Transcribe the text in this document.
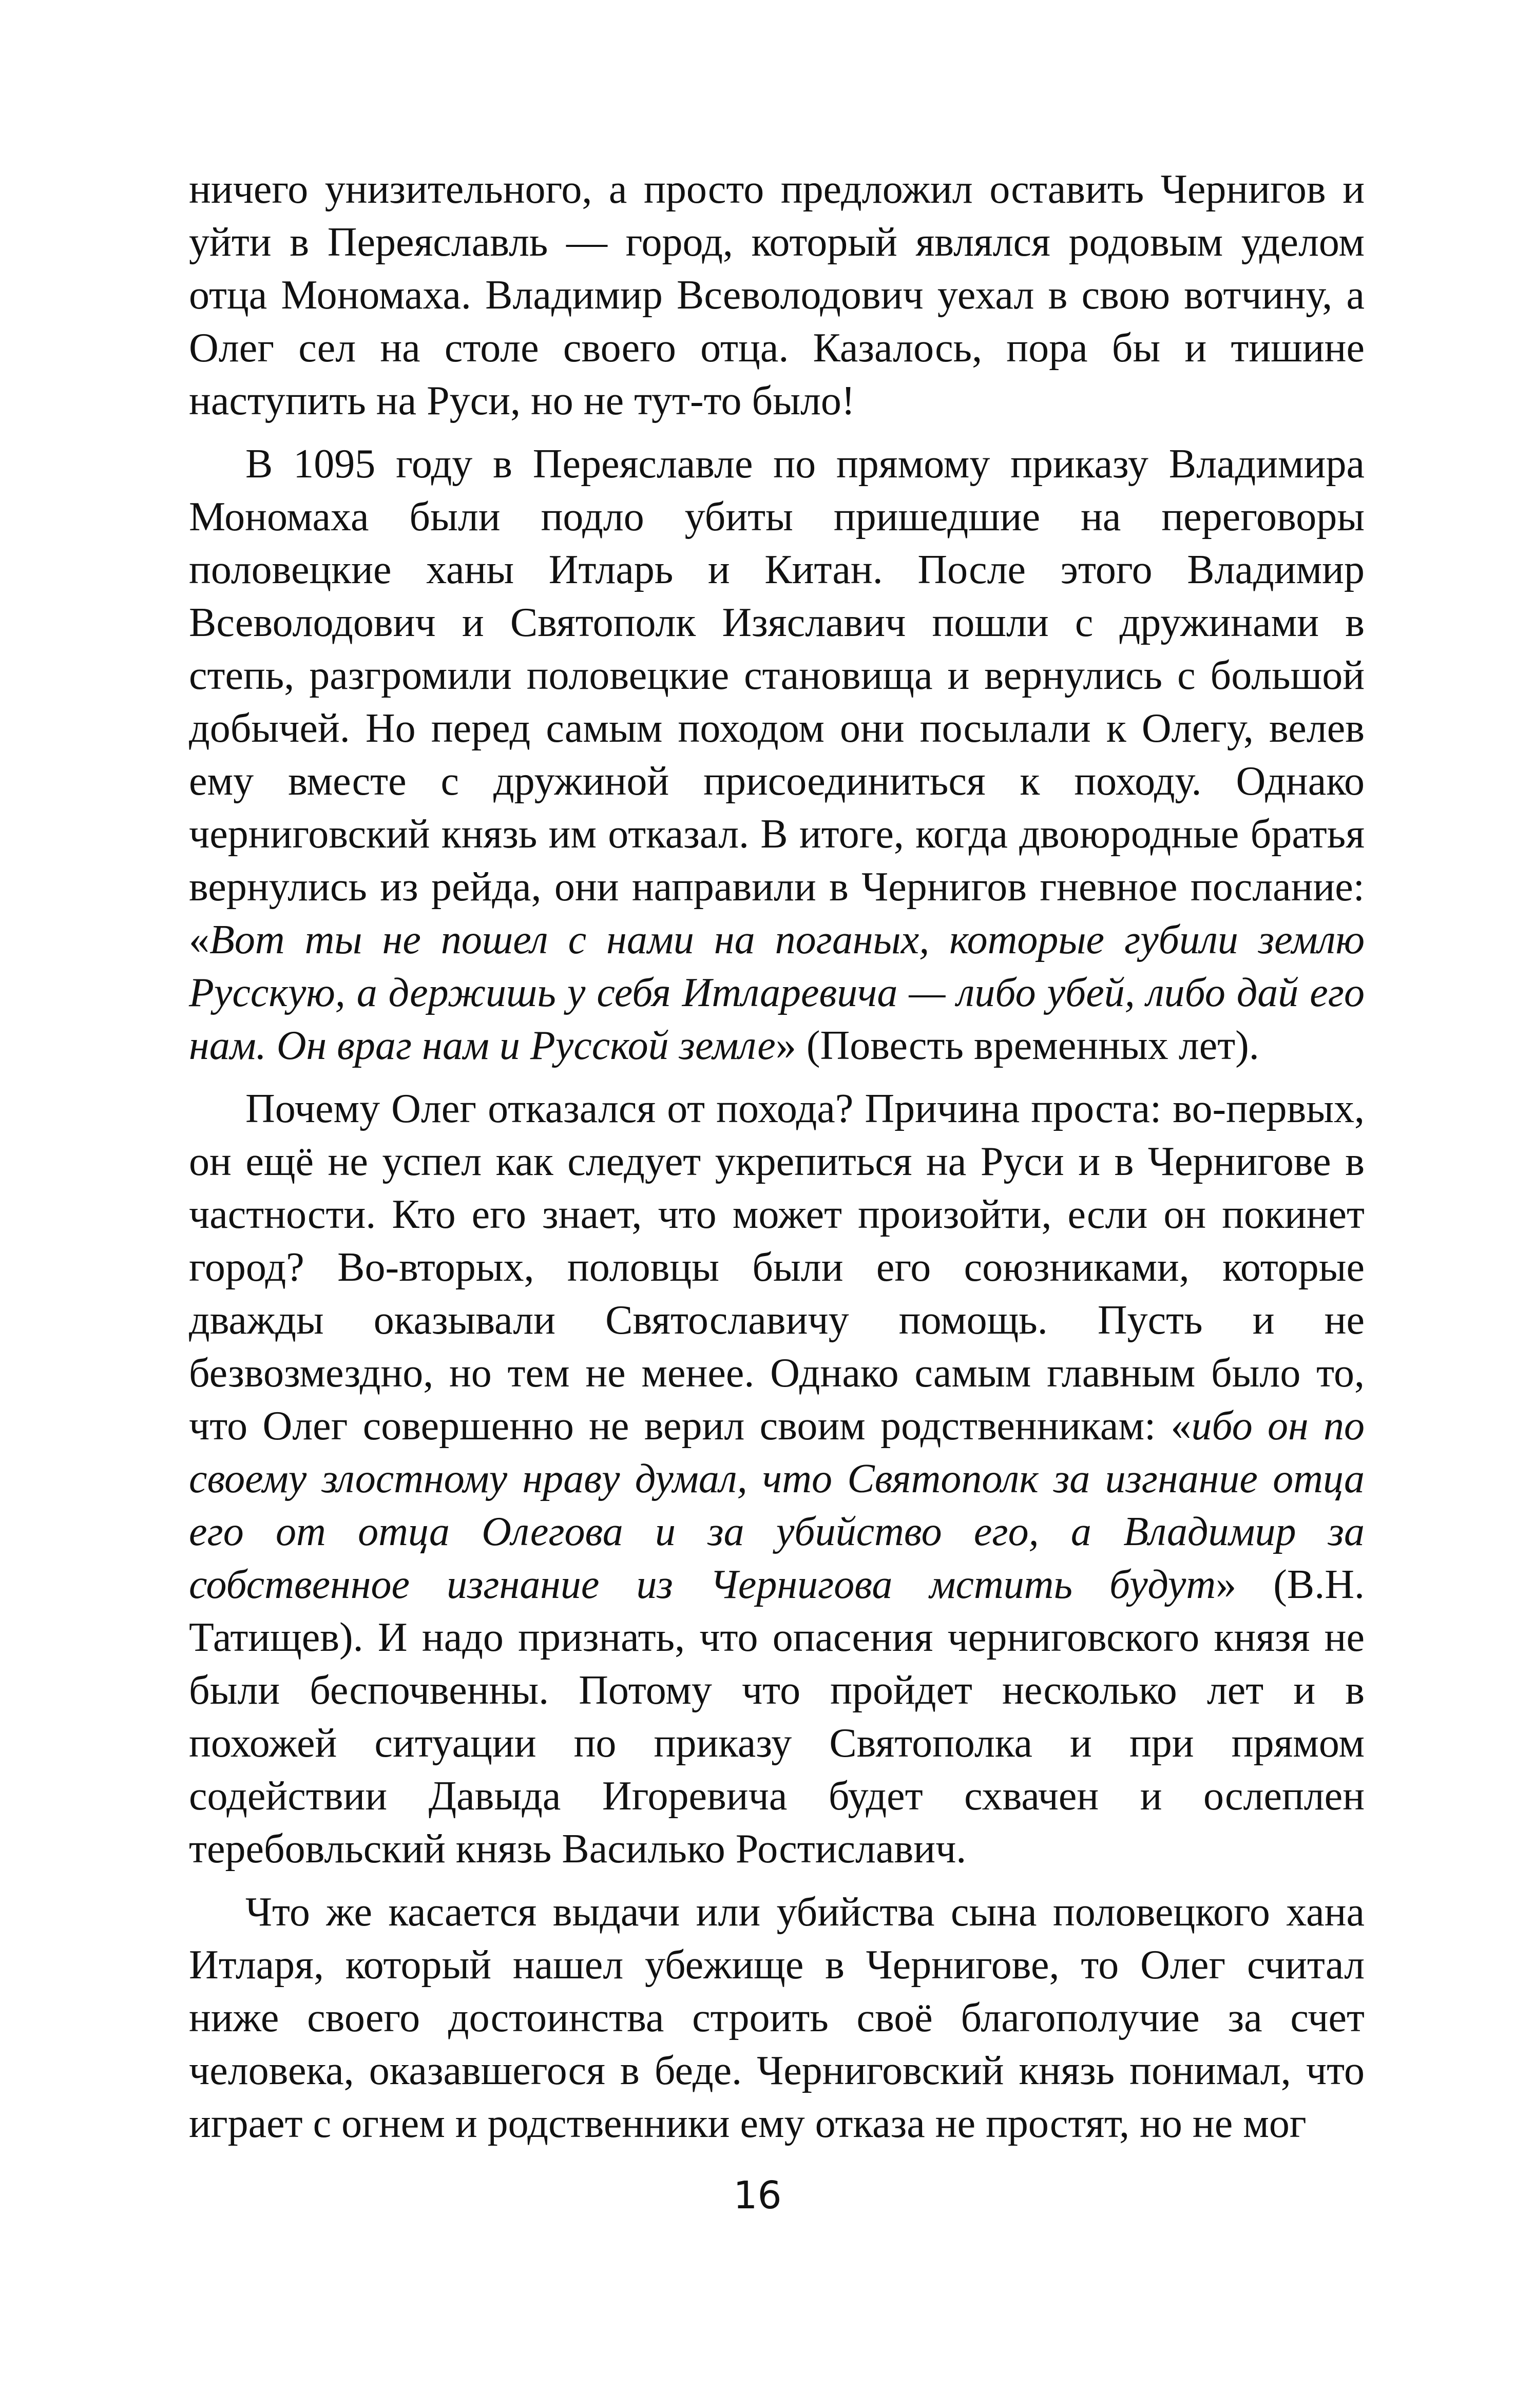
ничего унизительного, а просто предложил оставить Чернигов и уйти в Переяславль — город, который являлся родовым уделом отца Мономаха. Владимир Всеволодович уехал в свою вотчину, а Олег сел на столе своего отца. Казалось, пора бы и тишине наступить на Руси, но не тут-то было!

В 1095 году в Переяславле по прямому приказу Владимира Мономаха были подло убиты пришедшие на переговоры половецкие ханы Итларь и Китан. После этого Владимир Всеволодович и Святополк Изяславич пошли с дружинами в степь, разгромили половецкие становища и вернулись с большой добычей. Но перед самым походом они посылали к Олегу, велев ему вместе с дружиной присоединиться к походу. Однако черниговский князь им отказал. В итоге, когда двоюродные братья вернулись из рейда, они направили в Чернигов гневное послание: «Вот ты не пошел с нами на поганых, которые губили землю Русскую, а держишь у себя Итларевича — либо убей, либо дай его нам. Он враг нам и Русской земле» (Повесть временных лет).

Почему Олег отказался от похода? Причина проста: во-первых, он ещё не успел как следует укрепиться на Руси и в Чернигове в частности. Кто его знает, что может произойти, если он покинет город? Во-вторых, половцы были его союзниками, которые дважды оказывали Святославичу помощь. Пусть и не безвозмездно, но тем не менее. Однако самым главным было то, что Олег совершенно не верил своим родственникам: «ибо он по своему злостному нраву думал, что Святополк за изгнание отца его от отца Олегова и за убийство его, а Владимир за собственное изгнание из Чернигова мстить будут» (В.Н. Татищев). И надо признать, что опасения черниговского князя не были беспочвенны. Потому что пройдет несколько лет и в похожей ситуации по приказу Святополка и при прямом содействии Давыда Игоревича будет схвачен и ослеплен теребовльский князь Василько Ростиславич.

Что же касается выдачи или убийства сына половецкого хана Итларя, который нашел убежище в Чернигове, то Олег считал ниже своего достоинства строить своё благополучие за счет человека, оказавшегося в беде. Черниговский князь понимал, что играет с огнем и родственники ему отказа не простят, но не мог

16
